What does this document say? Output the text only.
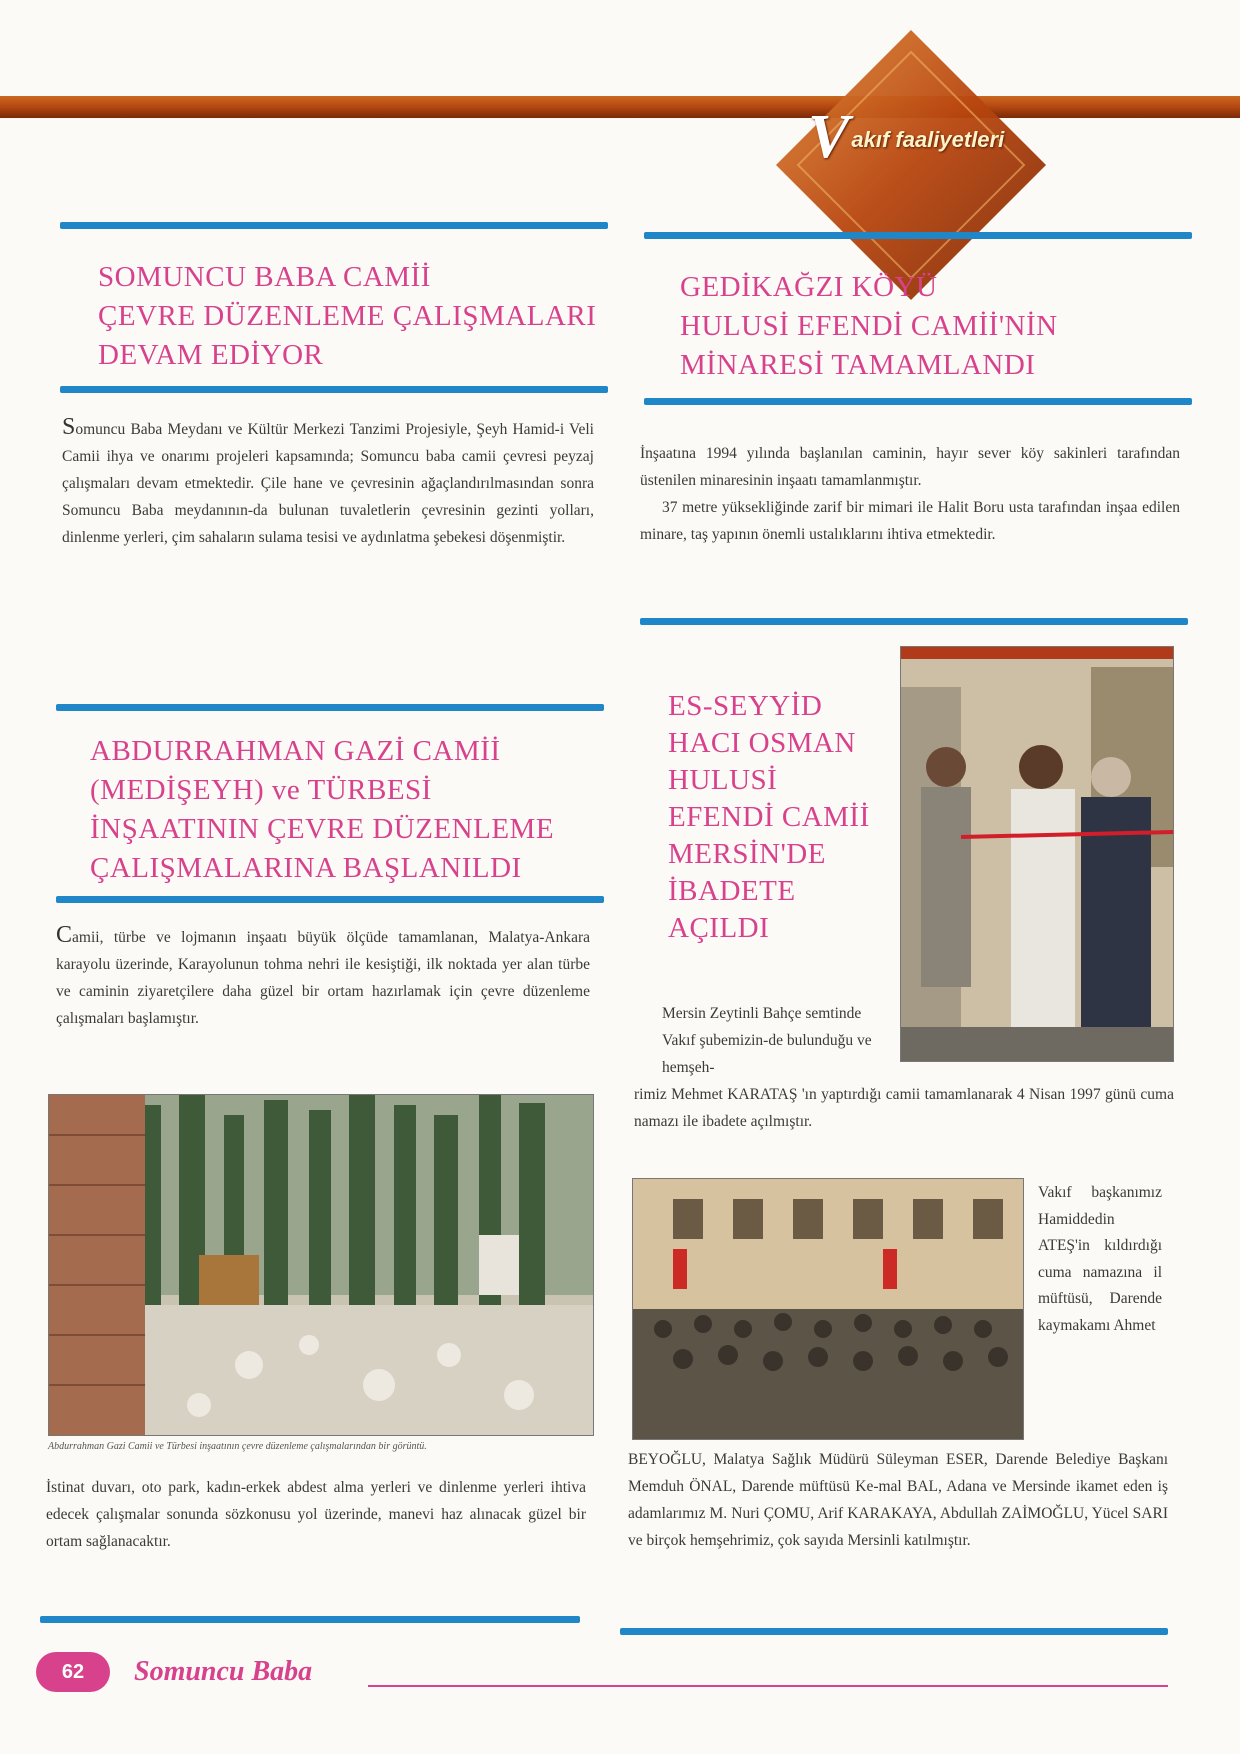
Vakıf faaliyetleri
SOMUNCU BABA CAMİİ
ÇEVRE DÜZENLEME ÇALIŞMALARI
DEVAM EDİYOR

Somuncu Baba Meydanı ve Kültür Merkezi Tanzimi Projesiyle, Şeyh Hamid-i Veli Camii ihya ve onarımı projeleri kapsamında; Somuncu baba camii çevresi peyzaj çalışmaları devam etmektedir. Çile hane ve çevresinin ağaçlandırılmasından sonra Somuncu Baba meydanının-da bulunan tuvaletlerin çevresinin gezinti yolları, dinlenme yerleri, çim sahaların sulama tesisi ve aydınlatma şebekesi döşenmiştir.

GEDİKAĞZI KÖYÜ
HULUSİ EFENDİ CAMİİ'NİN
MİNARESİ TAMAMLANDI

İnşaatına 1994 yılında başlanılan caminin, hayır sever köy sakinleri tarafından üstenilen minaresinin inşaatı tamamlanmıştır.

37 metre yüksekliğinde zarif bir mimari ile Halit Boru usta tarafından inşaa edilen minare, taş yapının önemli ustalıklarını ihtiva etmektedir.

ABDURRAHMAN GAZİ CAMİİ
(MEDİŞEYH) ve TÜRBESİ
İNŞAATININ ÇEVRE DÜZENLEME
ÇALIŞMALARINA BAŞLANILDI

Camii, türbe ve lojmanın inşaatı büyük ölçüde tamamlanan, Malatya-Ankara karayolu üzerinde, Karayolunun tohma nehri ile kesiştiği, ilk noktada yer alan türbe ve caminin ziyaretçilere daha güzel bir ortam hazırlamak için çevre düzenleme çalışmaları başlamıştır.

Abdurrahman Gazi Camii ve Türbesi inşaatının çevre düzenleme çalışmalarından bir görüntü.

İstinat duvarı, oto park, kadın-erkek abdest alma yerleri ve dinlenme yerleri ihtiva edecek çalışmalar sonunda sözkonusu yol üzerinde, manevi haz alınacak güzel bir ortam sağlanacaktır.

ES-SEYYİD
HACI OSMAN
HULUSİ
EFENDİ CAMİİ
MERSİN'DE
İBADETE
AÇILDI

Mersin Zeytinli Bahçe semtinde Vakıf şubemizin-de bulunduğu ve hemşeh-

rimiz Mehmet KARATAŞ 'ın yaptırdığı camii tamamlanarak 4 Nisan 1997 günü cuma namazı ile ibadete açılmıştır.

Vakıf başkanımız Hamiddedin ATEŞ'in kıldırdığı cuma namazına il müftüsü, Darende kaymakamı Ahmet

BEYOĞLU, Malatya Sağlık Müdürü Süleyman ESER, Darende Belediye Başkanı Memduh ÖNAL, Darende müftüsü Ke-mal BAL, Adana ve Mersinde ikamet eden iş adamlarımız M. Nuri ÇOMU, Arif KARAKAYA, Abdullah ZAİMOĞLU, Yücel SARI ve birçok hemşehrimiz, çok sayıda Mersinli katılmıştır.

62	Somuncu Baba
